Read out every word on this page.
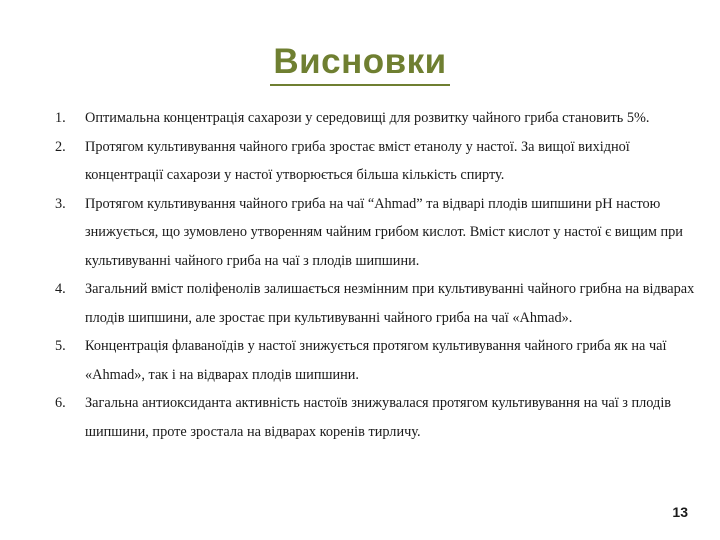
Висновки
1.	Оптимальна концентрація сахарози у середовищі для розвитку чайного гриба становить 5%.
2.	Протягом культивування чайного гриба зростає вміст етанолу у настої. За вищої вихідної концентрації сахарози у настої утворюється більша кількість спирту.
3.	Протягом культивування чайного гриба на чаї “Ahmad” та відварі плодів шипшини рН настою знижується, що зумовлено утворенням чайним грибом кислот. Вміст кислот у настої є вищим при культивуванні чайного гриба на чаї з плодів шипшини.
4.	Загальний вміст поліфенолів залишається незмінним при культивуванні чайного грибна на відварах плодів шипшини, але зростає при культивуванні чайного гриба на чаї «Ahmad».
5.	Концентрація флаваноїдів у настої знижується протягом культивування чайного гриба як на чаї «Ahmad», так і на відварах плодів шипшини.
6.	Загальна антиоксиданта активність настоїв знижувалася протягом культивування на чаї з плодів шипшини, проте зростала на відварах коренів тирличу.
13
